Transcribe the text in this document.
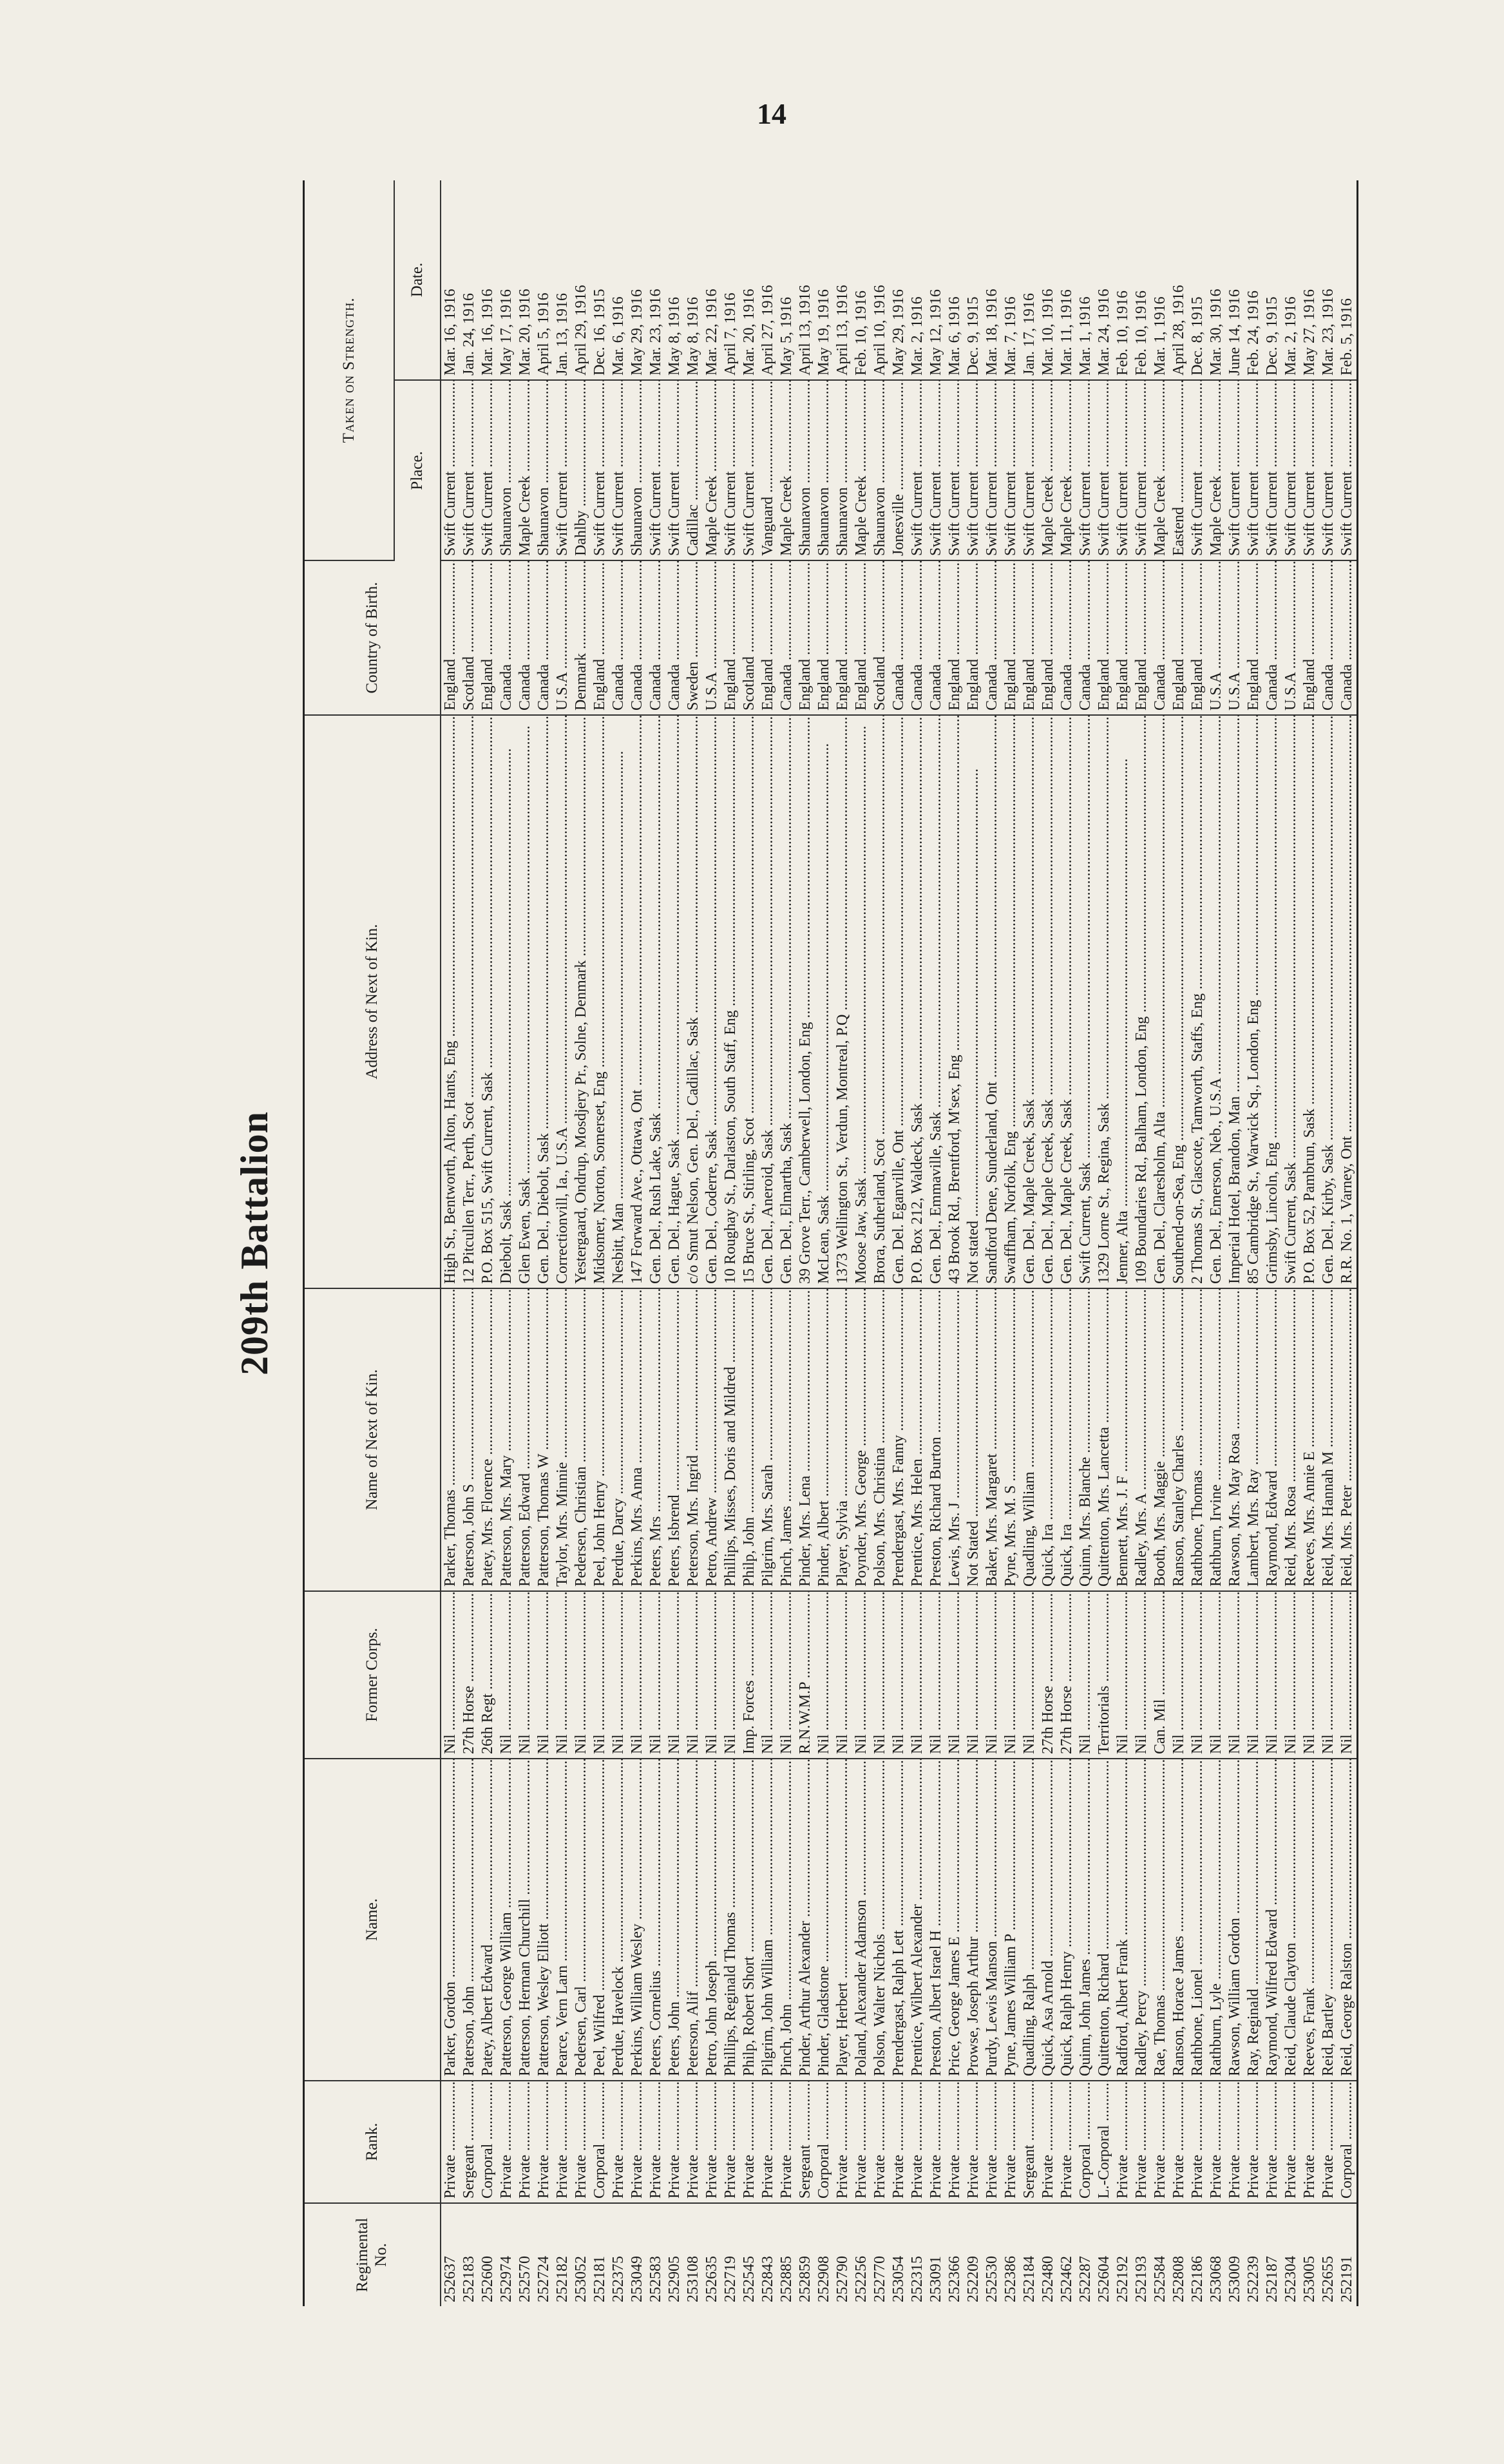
14
209th Battalion
Regimental No.	Rank.	Name.	Former Corps.	Name of Next of Kin.	Address of Next of Kin.	Country of Birth.	Taken on Strength.	
							Place.	Date.
252637	Private .....	Parker, Gordon .....	Nil .....	Parker, Thomas .....	High St., Bentworth, Alton, Hants, Eng .....	England .....	Swift Current .....	Mar. 16, 1916
252183	Sergeant .....	Paterson, John .....	27th Horse .....	Paterson, John S .....	12 Pitcullen Terr., Perth, Scot .....	Scotland .....	Swift Current .....	Jan. 24, 1916
252600	Corporal .....	Patey, Albert Edward .....	26th Regt .....	Patey, Mrs. Florence .....	P.O. Box 515, Swift Current, Sask .....	England .....	Swift Current .....	Mar. 16, 1916
252974	Private .....	Patterson, George William .....	Nil .....	Patterson, Mrs. Mary .....	Diebolt, Sask .....	Canada .....	Shaunavon .....	May 17, 1916
252570	Private .....	Patterson, Herman Churchill .....	Nil .....	Patterson, Edward .....	Glen Ewen, Sask .....	Canada .....	Maple Creek .....	Mar. 20, 1916
252724	Private .....	Patterson, Wesley Elliott .....	Nil .....	Patterson, Thomas W .....	Gen. Del., Diebolt, Sask .....	Canada .....	Shaunavon .....	April 5, 1916
252182	Private .....	Pearce, Vern Larn .....	Nil .....	Taylor, Mrs. Minnie .....	Correctionvill, Ia., U.S.A .....	U.S.A .....	Swift Current .....	Jan. 13, 1916
253052	Private .....	Pedersen, Carl .....	Nil .....	Pedersen, Christian .....	Yestergaard, Ondrup, Mosdjery Pr., Solne, Denmark .....	Denmark .....	Dahlby .....	April 29, 1916
252181	Corporal .....	Peel, Wilfred .....	Nil .....	Peel, John Henry .....	Midsomer, Norton, Somerset, Eng .....	England .....	Swift Current .....	Dec. 16, 1915
252375	Private .....	Perdue, Havelock .....	Nil .....	Perdue, Darcy .....	Nesbitt, Man .....	Canada .....	Swift Current .....	Mar. 6, 1916
253049	Private .....	Perkins, William Wesley .....	Nil .....	Perkins, Mrs. Anna .....	147 Forward Ave., Ottawa, Ont .....	Canada .....	Shaunavon .....	May 29, 1916
252583	Private .....	Peters, Cornelius .....	Nil .....	Peters, Mrs .....	Gen. Del., Rush Lake, Sask .....	Canada .....	Swift Current .....	Mar. 23, 1916
252905	Private .....	Peters, John .....	Nil .....	Peters, Isbrend .....	Gen. Del., Hague, Sask .....	Canada .....	Swift Current .....	May 8, 1916
253108	Private .....	Peterson, Alif .....	Nil .....	Peterson, Mrs. Ingrid .....	c/o Smut Nelson, Gen. Del., Cadillac, Sask .....	Sweden .....	Cadillac .....	May 8, 1916
252635	Private .....	Petro, John Joseph .....	Nil .....	Petro, Andrew .....	Gen. Del., Coderre, Sask .....	U.S.A .....	Maple Creek .....	Mar. 22, 1916
252719	Private .....	Phillips, Reginald Thomas .....	Nil .....	Phillips, Misses, Doris and Mildred .....	10 Roughay St., Darlaston, South Staff, Eng .....	England .....	Swift Current .....	April 7, 1916
252545	Private .....	Philp, Robert Short .....	Imp. Forces .....	Philp, John .....	15 Bruce St., Stirling, Scot .....	Scotland .....	Swift Current .....	Mar. 20, 1916
252843	Private .....	Pilgrim, John William .....	Nil .....	Pilgrim, Mrs. Sarah .....	Gen. Del., Aneroid, Sask .....	England .....	Vanguard .....	April 27, 1916
252885	Private .....	Pinch, John .....	Nil .....	Pinch, James .....	Gen. Del., Elmartha, Sask .....	Canada .....	Maple Creek .....	May 5, 1916
252859	Sergeant .....	Pinder, Arthur Alexander .....	R.N.W.M.P .....	Pinder, Mrs. Lena .....	39 Grove Terr., Camberwell, London, Eng .....	England .....	Shaunavon .....	April 13, 1916
252908	Corporal .....	Pinder, Gladstone .....	Nil .....	Pinder, Albert .....	McLean, Sask .....	England .....	Shaunavon .....	May 19, 1916
252790	Private .....	Player, Herbert .....	Nil .....	Player, Sylvia .....	1373 Wellington St., Verdun, Montreal, P.Q .....	England .....	Shaunavon .....	April 13, 1916
252256	Private .....	Poland, Alexander Adamson .....	Nil .....	Poynder, Mrs. George .....	Moose Jaw, Sask .....	England .....	Maple Creek .....	Feb. 10, 1916
252770	Private .....	Polson, Walter Nichols .....	Nil .....	Polson, Mrs. Christina .....	Brora, Sutherland, Scot .....	Scotland .....	Shaunavon .....	April 10, 1916
253054	Private .....	Prendergast, Ralph Lett .....	Nil .....	Prendergast, Mrs. Fanny .....	Gen. Del. Eganville, Ont .....	Canada .....	Jonesville .....	May 29, 1916
252315	Private .....	Prentice, Wilbert Alexander .....	Nil .....	Prentice, Mrs. Helen .....	P.O. Box 212, Waldeck, Sask .....	Canada .....	Swift Current .....	Mar. 2, 1916
253091	Private .....	Preston, Albert Israel H .....	Nil .....	Preston, Richard Burton .....	Gen. Del., Emmaville, Sask .....	Canada .....	Swift Current .....	May 12, 1916
252366	Private .....	Price, George James E .....	Nil .....	Lewis, Mrs. J .....	43 Brook Rd., Brentford, M'sex, Eng .....	England .....	Swift Current .....	Mar. 6, 1916
252209	Private .....	Prowse, Joseph Arthur .....	Nil .....	Not Stated .....	Not stated .....	England .....	Swift Current .....	Dec. 9, 1915
252530	Private .....	Purdy, Lewis Manson .....	Nil .....	Baker, Mrs. Margaret .....	Sandford Dene, Sunderland, Ont .....	Canada .....	Swift Current .....	Mar. 18, 1916
252386	Private .....	Pyne, James William P .....	Nil .....	Pyne, Mrs. M. S .....	Swaffham, Norfolk, Eng .....	England .....	Swift Current .....	Mar. 7, 1916
252184	Sergeant .....	Quadling, Ralph .....	Nil .....	Quadling, William .....	Gen. Del., Maple Creek, Sask .....	England .....	Swift Current .....	Jan. 17, 1916
252480	Private .....	Quick, Asa Arnold .....	27th Horse .....	Quick, Ira .....	Gen. Del., Maple Creek, Sask .....	England .....	Maple Creek .....	Mar. 10, 1916
252462	Private .....	Quick, Ralph Henry .....	27th Horse .....	Quick, Ira .....	Gen. Del., Maple Creek, Sask .....	Canada .....	Maple Creek .....	Mar. 11, 1916
252287	Corporal .....	Quinn, John James .....	Nil .....	Quinn, Mrs. Blanche .....	Swift Current, Sask .....	Canada .....	Swift Current .....	Mar. 1, 1916
252604	L.-Corporal .....	Quittenton, Richard .....	Territorials .....	Quittenton, Mrs. Lancetta .....	1329 Lorne St., Regina, Sask .....	England .....	Swift Current .....	Mar. 24, 1916
252192	Private .....	Radford, Albert Frank .....	Nil .....	Bennett, Mrs. J. F .....	Jenner, Alta .....	England .....	Swift Current .....	Feb. 10, 1916
252193	Private .....	Radley, Percy .....	Nil .....	Radley, Mrs. A .....	109 Boundaries Rd., Balham, London, Eng .....	England .....	Swift Current .....	Feb. 10, 1916
252584	Private .....	Rae, Thomas .....	Can. Mil .....	Booth, Mrs. Maggie .....	Gen. Del., Claresholm, Alta .....	Canada .....	Maple Creek .....	Mar. 1, 1916
252808	Private .....	Ranson, Horace James .....	Nil .....	Ranson, Stanley Charles .....	Southend-on-Sea, Eng .....	England .....	Eastend .....	April 28, 1916
252186	Private .....	Rathbone, Lionel .....	Nil .....	Rathbone, Thomas .....	2 Thomas St., Glascote, Tamworth, Staffs, Eng .....	England .....	Swift Current .....	Dec. 8, 1915
253068	Private .....	Rathburn, Lyle .....	Nil .....	Rathburn, Irvine .....	Gen. Del., Emerson, Neb., U.S.A .....	U.S.A .....	Maple Creek .....	Mar. 30, 1916
253009	Private .....	Rawson, William Gordon .....	Nil .....	Rawson, Mrs. May Rosa .....	Imperial Hotel, Brandon, Man .....	U.S.A .....	Swift Current .....	June 14, 1916
252239	Private .....	Ray, Reginald .....	Nil .....	Lambert, Mrs. Ray .....	85 Cambridge St., Warwick Sq., London, Eng .....	England .....	Swift Current .....	Feb. 24, 1916
252187	Private .....	Raymond, Wilfred Edward .....	Nil .....	Raymond, Edward .....	Grimsby, Lincoln, Eng .....	Canada .....	Swift Current .....	Dec. 9, 1915
252304	Private .....	Reid, Claude Clayton .....	Nil .....	Reid, Mrs. Rosa .....	Swift Current, Sask .....	U.S.A .....	Swift Current .....	Mar. 2, 1916
253005	Private .....	Reeves, Frank .....	Nil .....	Reeves, Mrs. Annie E .....	P.O. Box 52, Pambrun, Sask .....	England .....	Swift Current .....	May 27, 1916
252655	Private .....	Reid, Bartley .....	Nil .....	Reid, Mrs. Hannah M .....	Gen. Del., Kirby, Sask .....	Canada .....	Swift Current .....	Mar. 23, 1916
252191	Corporal .....	Reid, George Ralston .....	Nil .....	Reid, Mrs. Peter .....	R.R. No. 1, Varney, Ont .....	Canada .....	Swift Current .....	Feb. 5, 1916
